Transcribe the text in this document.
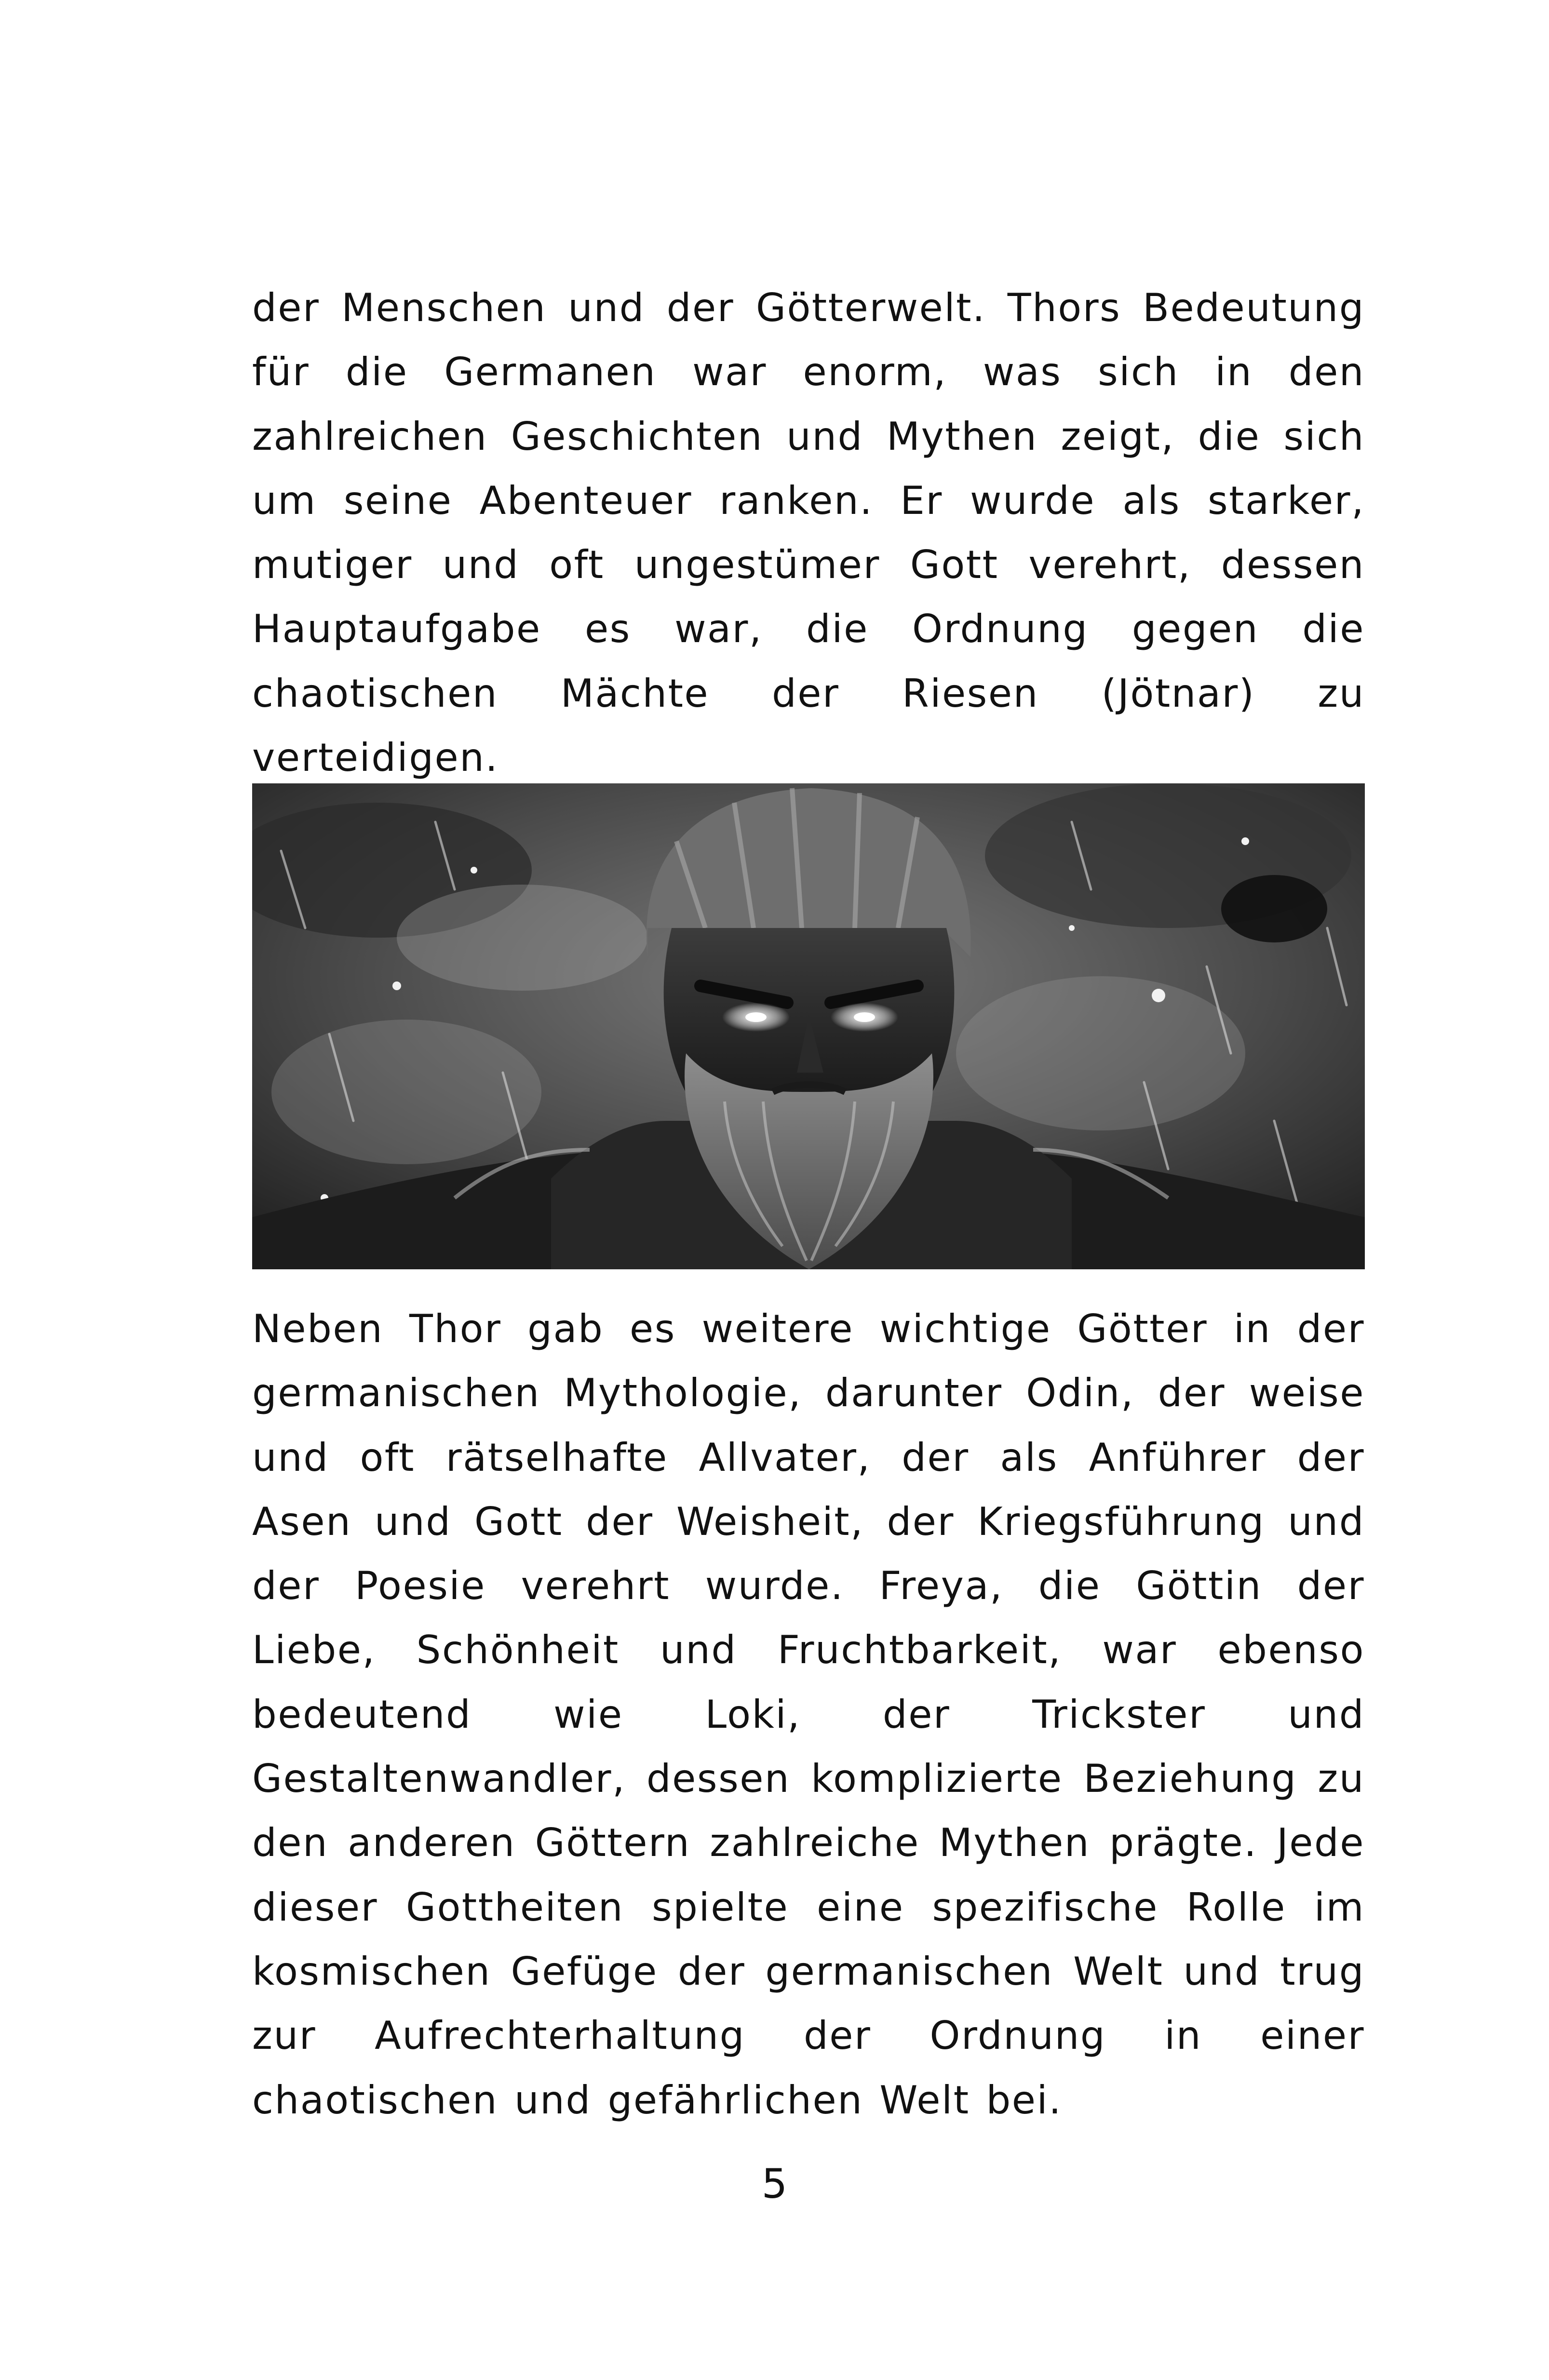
der Menschen und der Götterwelt. Thors Bedeutung für die Germanen war enorm, was sich in den zahlreichen Geschichten und Mythen zeigt, die sich um seine Abenteuer ranken. Er wurde als starker, mutiger und oft ungestümer Gott verehrt, dessen Hauptaufgabe es war, die Ordnung gegen die chaotischen Mächte der Riesen (Jötnar) zu verteidigen.

Neben Thor gab es weitere wichtige Götter in der germanischen Mythologie, darunter Odin, der weise und oft rätselhafte Allvater, der als Anführer der Asen und Gott der Weisheit, der Kriegsführung und der Poesie verehrt wurde. Freya, die Göttin der Liebe, Schönheit und Fruchtbarkeit, war ebenso bedeutend wie Loki, der Trickster und Gestaltenwandler, dessen komplizierte Beziehung zu den anderen Göttern zahlreiche Mythen prägte. Jede dieser Gottheiten spielte eine spezifische Rolle im kosmischen Gefüge der germanischen Welt und trug zur Aufrechterhaltung der Ordnung in einer chaotischen und gefährlichen Welt bei.

5
